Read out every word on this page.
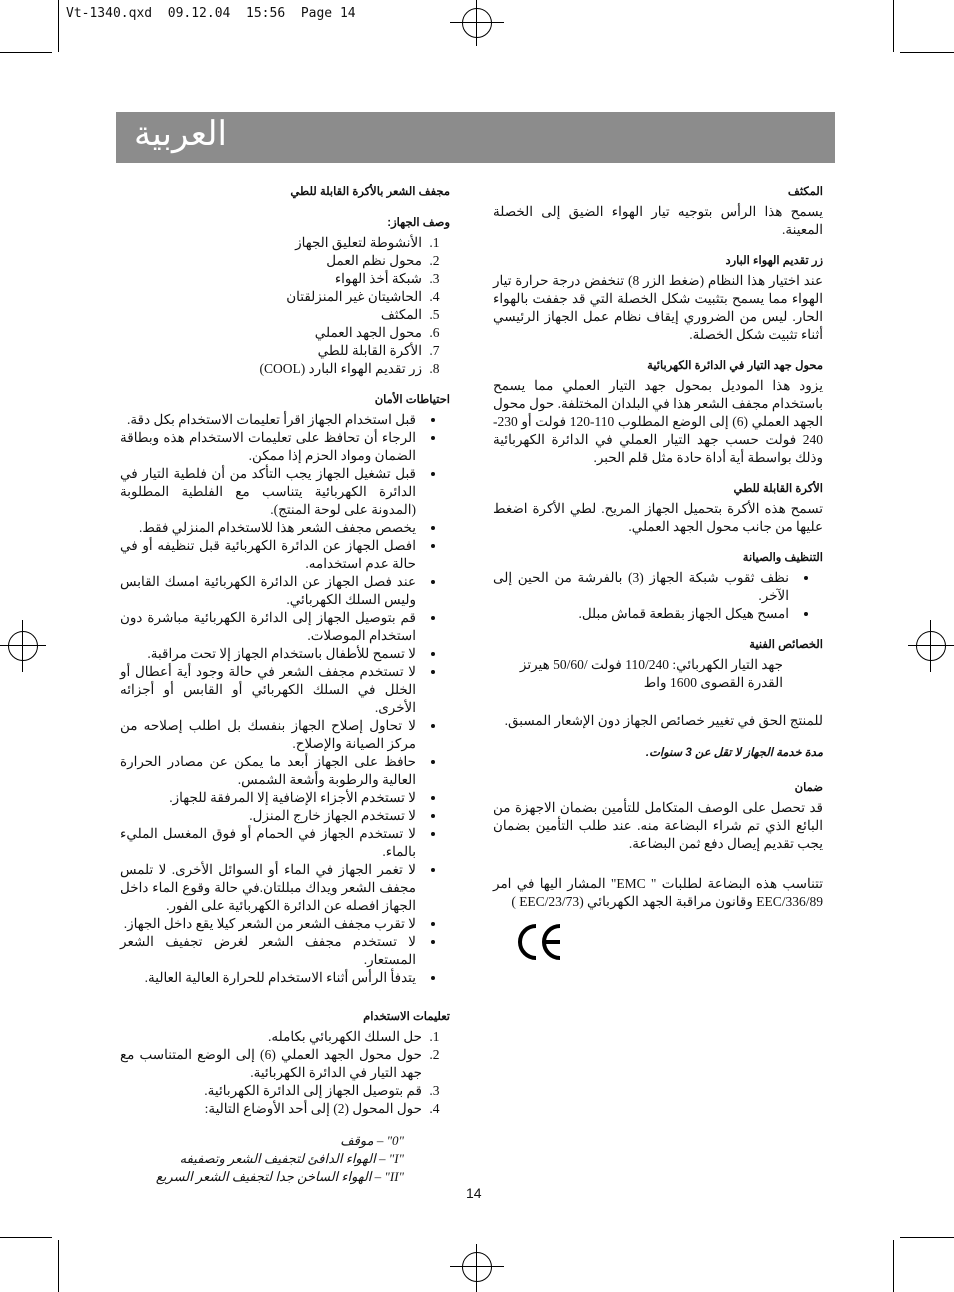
Vt-1340.qxd 09.12.04 15:56 Page 14
العربية
المكثف

يسمح هذا الرأس بتوجيه تيار الهواء الضيق إلى الخصلة المعينة.

زر تقديم الهواء البارد

عند اختيار هذا النظام (ضغط الزر 8) تنخفض درجة حرارة تيار الهواء مما يسمح بتثبيت شكل الخصلة التي قد جففت بالهواء الحار. ليس من الضروري إيقاف نظام عمل الجهاز الرئيسي أثناء تثبيت شكل الخصلة.

محول جهد التيار في الدائرة الكهربائية

يزود هذا الموديل بمحول جهد التيار العملي مما يسمح باستخدام مجفف الشعر هذا في البلدان المختلفة. حول محول الجهد العملي (6) إلى الوضع المطلوب 110-120 فولت أو 230-240 فولت حسب جهد التيار العملي في الدائرة الكهربائية وذلك بواسطة أية أداة حادة مثل قلم الحبر.

الأكرة القابلة للطي

تسمح هذه الأكرة بتحميل الجهاز المريح. لطي الأكرة اضغط عليها من جانب محول الجهد العملي.

التنظيف والصيانة
• نظف ثقوب شبكة الجهاز (3) بالفرشة من الحين إلى الآخر.
• امسح هيكل الجهاز بقطعة قماش مبلل.
الخصائص الفنية

جهد التيار الكهربائي: 110/240 فولت /50/60 هيرتز

القدرة القصوى 1600 واط

للمنتج الحق في تغيير خصائص الجهاز دون الإشعار المسبق.

مدة خدمة الجهاز لا تقل عن 3 سنوات.

ضمان

قد تحصل على الوصف المتكامل للتأمين بضمان الاجهزة من البائع الذي تم شراء البضاعة منه. عند طلب التأمين بضمان يجب تقديم إيصال دفع ثمن البضاعة.

تتناسب هذه البضاعة لطلبات " EMC" المشار اليها في امر EEC/336/89 وقانون مراقبة الجهد الكهربائي (EEC/23/73 )

مجفف الشعر بالأكرة القابلة للطي
وصف الجهاز:
1. الأنشوطة لتعليق الجهاز
2. محول نظم العمل
3. شبكة أخذ الهواء
4. الحاشيتان غير المنزلقتان
5. المكثف
6. محول الجهد العملي
7. الأكرة القابلة للطي
8. زر تقديم الهواء البارد (COOL)
احتياطات الأمان
• قبل استخدام الجهاز اقرأ تعليمات الاستخدام بكل دقة.
• الرجاء أن تحافظ على تعليمات الاستخدام هذه وبطاقة الضمان ومواد الحزم إذا ممكن.
• قبل تشغيل الجهاز يجب التأكد من أن فلطية التيار في الدائرة الكهربائية يتناسب مع الفلطية المطلوبة (المدونة على لوحة المنتج).
• يخصص مجفف الشعر هذا للاستخدام المنزلي فقط.
• افصل الجهاز عن الدائرة الكهربائية قبل تنظيفه أو في حالة عدم استخدامه.
• عند فصل الجهاز عن الدائرة الكهربائية امسك القابس وليس السلك الكهربائي.
• قم بتوصيل الجهاز إلى الدائرة الكهربائية مباشرة دون استخدام الموصلات.
• لا تسمح للأطفال باستخدام الجهاز إلا تحت مراقبة.
• لا تستخدم مجفف الشعر في حالة وجود أية أعطال أو الخلل في السلك الكهربائي أو القابس أو أجزائه الأخرى.
• لا تحاول إصلاح الجهاز بنفسك بل اطلب إصلاحه من مركز الصيانة والإصلاح.
• حافظ على الجهاز أبعد ما يمكن عن مصادر الحرارة العالية والرطوبة وأشعة الشمس.
• لا تستخدم الأجزاء الإضافية إلا المرفقة للجهاز.
• لا تستخدم الجهاز خارج المنزل.
• لا تستخدم الجهاز في الحمام أو فوق المغسل المليء بالماء.
• لا تغمر الجهاز في الماء أو السوائل الأخرى. لا تلمس مجفف الشعر ويداك مبللتان.في حالة وقوع الماء داخل الجهاز افصله عن الدائرة الكهربائية على الفور.
• لا تقرب مجفف الشعر من الشعر كيلا يقع داخل الجهاز.
• لا تستخدم مجفف الشعر لغرض تجفيف الشعر المستعار.
• يتدفأ الرأس أثناء الاستخدام للحرارة العالية العالية.
تعليمات الاستخدام
1. حل السلك الكهربائي بكامله.
2. حول محول الجهد العملي (6) إلى الوضع المتناسب مع جهد التيار في الدائرة الكهربائية.
3. قم بتوصيل الجهاز إلى الدائرة الكهربائية.
4. حول المحول (2) إلى أحد الأوضاع التالية:
"0" – موقف
"I" – الهواء الدافئ لتجفيف الشعر وتصفيفه
"II" – الهواء الساخن جدا لتجفيف الشعر السريع
14
